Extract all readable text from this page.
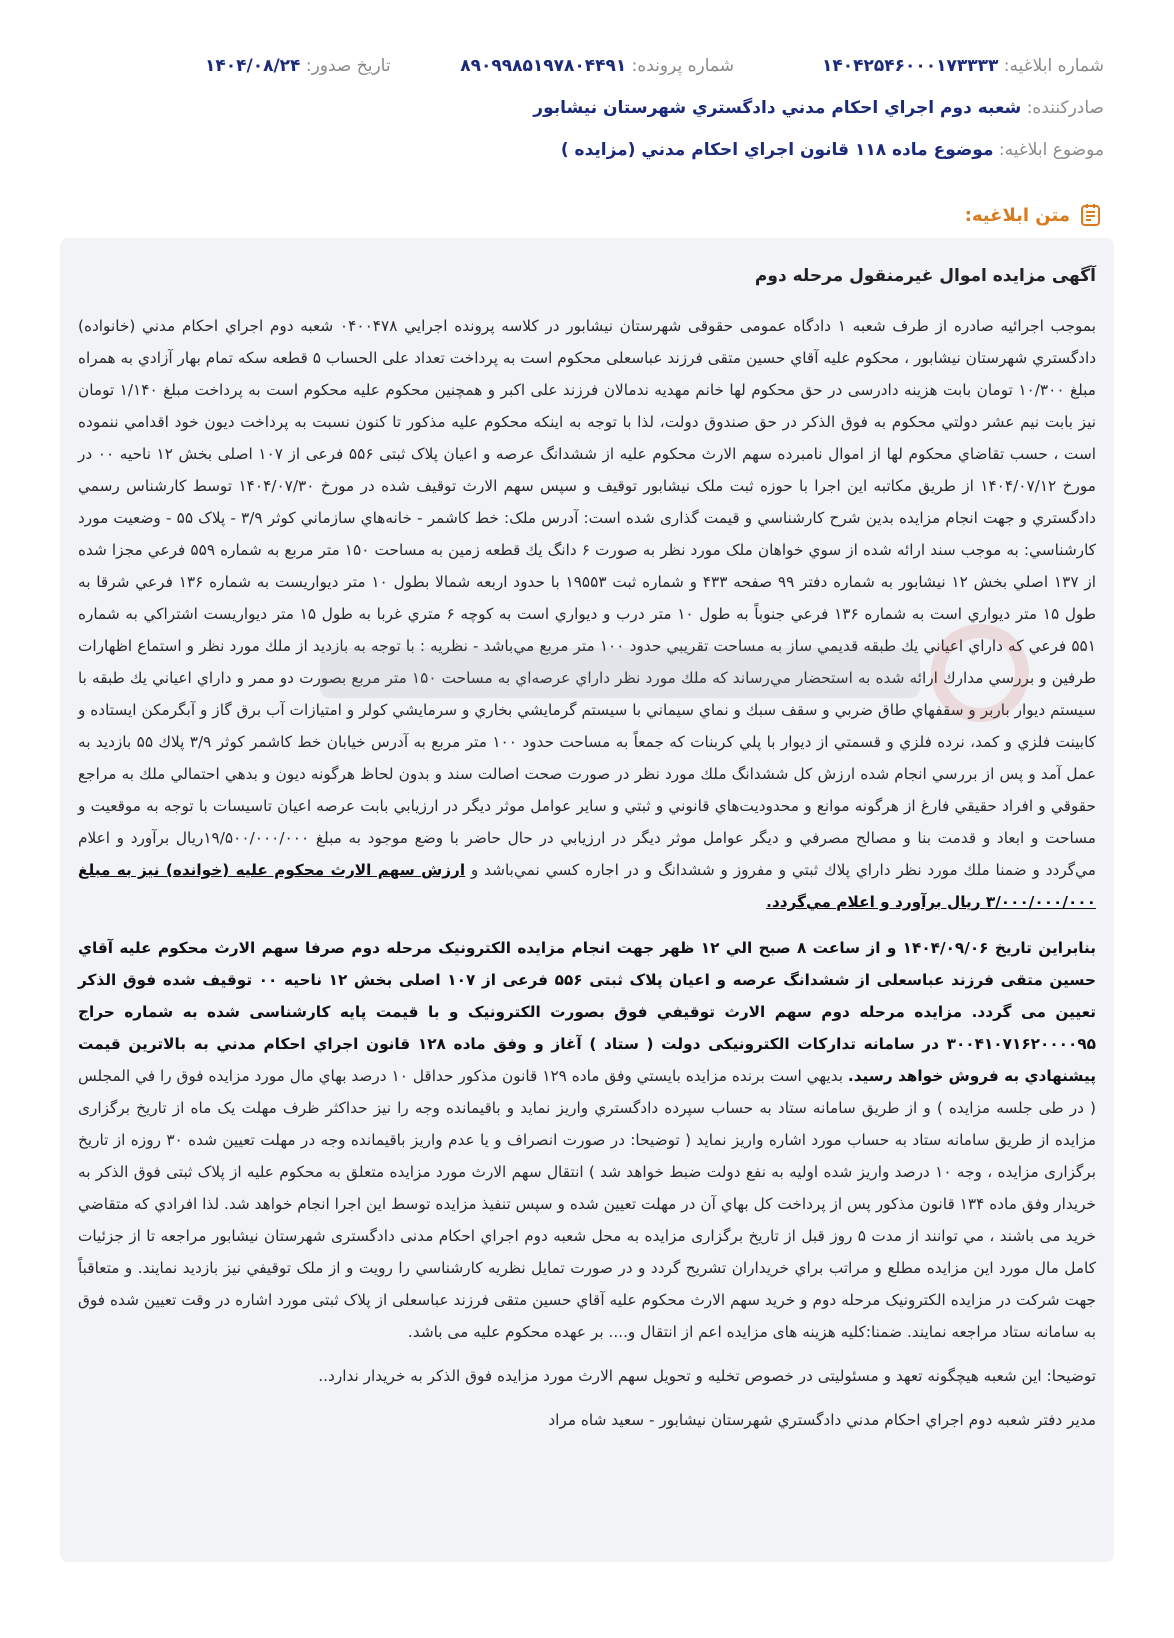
شماره ابلاغيه: ۱۴۰۴۲۵۴۶۰۰۰۱۷۳۳۳۳
شماره پرونده: ۸۹۰۹۹۸۵۱۹۷۸۰۴۴۹۱
تاريخ صدور: ۱۴۰۴/۰۸/۲۴
صادرکننده: شعبه دوم اجراي احکام مدني دادگستري شهرستان نيشابور
موضوع ابلاغيه: موضوع ماده ۱۱۸ قانون اجراي احکام مدني (مزايده )
متن ابلاغيه:
آگهی مزایده اموال غیرمنقول مرحله دوم

بموجب اجرائيه صادره از طرف شعبه ۱ دادگاه عمومی حقوقی شهرستان نيشابور در کلاسه پرونده اجرايي ۰۴۰۰۴۷۸ شعبه دوم اجراي احکام مدني (خانواده) دادگستري شهرستان نيشابور ، محکوم عليه آقاي حسين متقی فرزند عباسعلی محکوم است به پرداخت تعداد علی الحساب ۵ قطعه سکه تمام بهار آزادي به همراه مبلغ ۱۰/۳۰۰ تومان بابت هزينه دادرسی در حق محکوم لها خانم مهديه ندمالان فرزند علی اکبر و همچنين محکوم عليه محکوم است به پرداخت مبلغ ۱/۱۴۰ تومان نيز بابت نيم عشر دولتي محکوم به فوق الذکر در حق صندوق دولت، لذا با توجه به اينکه محکوم عليه مذکور تا کنون نسبت به پرداخت ديون خود اقدامي ننموده است ، حسب تقاضاي محکوم لها از اموال نامبرده سهم الارث محکوم عليه از ششدانگ عرصه و اعيان پلاک ثبتی ۵۵۶ فرعی از ۱۰۷ اصلی بخش ۱۲ ناحيه ۰۰ در مورخ ۱۴۰۴/۰۷/۱۲ از طريق مکاتبه اين اجرا با حوزه ثبت ملک نيشابور توقيف و سپس سهم الارث توقيف شده در مورخ ۱۴۰۴/۰۷/۳۰ توسط کارشناس رسمي دادگستري و جهت انجام مزايده بدين شرح کارشناسي و قيمت گذاری شده است: آدرس ملک: خط کاشمر - خانه‌هاي سازماني کوثر ۳/۹ - پلاک ۵۵ - وضعيت مورد کارشناسي: به موجب سند ارائه شده از سوي خواهان ملک مورد نظر به صورت ۶ دانگ يك قطعه زمين به مساحت ۱۵۰ متر مربع به شماره ۵۵۹ فرعي مجزا شده از ۱۳۷ اصلي بخش ۱۲ نيشابور به شماره دفتر ۹۹ صفحه ۴۳۳ و شماره ثبت ۱۹۵۵۳ با حدود اربعه شمالا بطول ۱۰ متر ديواريست به شماره ۱۳۶ فرعي شرقا به طول ۱۵ متر ديواري است به شماره ۱۳۶ فرعي جنوباً به طول ۱۰ متر درب و ديواري است به کوچه ۶ متري غربا به طول ۱۵ متر ديواريست اشتراکي به شماره ۵۵۱ فرعي که داراي اعياني يك طبقه قديمي ساز به مساحت تقريبي حدود ۱۰۰ متر مربع مي‌باشد - نظريه : با توجه به بازديد از ملك مورد نظر و استماع اظهارات طرفين و بررسي مدارك ارائه شده به استحضار مي‌رساند كه ملك مورد نظر داراي عرصه‌اي به مساحت ۱۵۰ متر مربع بصورت دو ممر و داراي اعياني يك طبقه با سيستم ديوار باربر و سقفهاي طاق ضربي و سقف سبك و نماي سيماني با سيستم گرمايشي بخاري و سرمايشي كولر و امتيازات آب برق گاز و آبگرمكن ايستاده و كابينت فلزي و كمد، نرده فلزي و قسمتي از ديوار با پلي كربنات كه جمعاً به مساحت حدود ۱۰۰ متر مربع به آدرس خيابان خط كاشمر كوثر ۳/۹ پلاك ۵۵ بازديد به عمل آمد و پس از بررسي انجام شده ارزش كل ششدانگ ملك مورد نظر در صورت صحت اصالت سند و بدون لحاظ هرگونه ديون و بدهي احتمالي ملك به مراجع حقوقي و افراد حقيقي فارغ از هرگونه موانع و محدوديت‌هاي قانوني و ثبتي و ساير عوامل موثر ديگر در ارزيابي بابت عرصه اعيان تاسيسات با توجه به موقعيت و مساحت و ابعاد و قدمت بنا و مصالح مصرفي و ديگر عوامل موثر ديگر در ارزيابي در حال حاضر با وضع موجود به مبلغ ۱۹/۵۰۰/۰۰۰/۰۰۰ريال برآورد و اعلام مي‌گردد و ضمنا ملك مورد نظر داراي پلاك ثبتي و مفروز و ششدانگ و در اجاره كسي نمي‌باشد و ارزش سهم الارث محکوم علیه (خوانده) نیز به مبلغ ۳/۰۰۰/۰۰۰/۰۰۰ ريال برآورد و اعلام مي‌گردد.

بنابراين تاريخ ۱۴۰۴/۰۹/۰۶ و از ساعت ۸ صبح الي ۱۲ ظهر جهت انجام مزايده الکترونيک مرحله دوم صرفا سهم الارث محکوم عليه آقاي حسين متقی فرزند عباسعلی از ششدانگ عرصه و اعيان پلاک ثبتی ۵۵۶ فرعی از ۱۰۷ اصلی بخش ۱۲ ناحيه ۰۰ توقيف شده فوق الذکر تعيين می گردد. مزايده مرحله دوم سهم الارث توقيفي فوق بصورت الکترونيک و با قيمت پايه کارشناسی شده به شماره حراج ۳۰۰۴۱۰۷۱۶۲۰۰۰۰۹۵ در سامانه تدارکات الکترونيکی دولت ( ستاد ) آغاز و وفق ماده ۱۲۸ قانون اجراي احکام مدني به بالاترين قيمت پيشنهادي به فروش خواهد رسيد. بديهي است برنده مزايده بايستي وفق ماده ۱۲۹ قانون مذکور حداقل ۱۰ درصد بهاي مال مورد مزايده فوق را في المجلس ( در طی جلسه مزايده ) و از طريق سامانه ستاد به حساب سپرده دادگستري واريز نمايد و باقيمانده وجه را نيز حداکثر ظرف مهلت يک ماه از تاريخ برگزاری مزايده از طريق سامانه ستاد به حساب مورد اشاره واريز نمايد ( توضيحا: در صورت انصراف و يا عدم واريز باقيمانده وجه در مهلت تعيين شده ۳۰ روزه از تاريخ برگزاری مزايده ، وجه ۱۰ درصد واريز شده اوليه به نفع دولت ضبط خواهد شد ) انتقال سهم الارث مورد مزايده متعلق به محکوم عليه از پلاک ثبتی فوق الذکر به خريدار وفق ماده ۱۳۴ قانون مذکور پس از پرداخت کل بهاي آن در مهلت تعيين شده و سپس تنفيذ مزايده توسط اين اجرا انجام خواهد شد. لذا افرادي که متقاضي خريد می باشند ، مي توانند از مدت ۵ روز قبل از تاريخ برگزاری مزايده به محل شعبه دوم اجراي احکام مدنی دادگستری شهرستان نيشابور مراجعه تا از جزئيات کامل مال مورد اين مزايده مطلع و مراتب براي خريداران تشريح گردد و در صورت تمايل نظريه کارشناسي را رويت و از ملک توقيفي نيز بازديد نمايند. و متعاقباً جهت شرکت در مزايده الکترونيک مرحله دوم و خريد سهم الارث محکوم عليه آقاي حسين متقی فرزند عباسعلی از پلاک ثبتی مورد اشاره در وقت تعيين شده فوق به سامانه ستاد مراجعه نمايند. ضمنا:کليه هزينه های مزايده اعم از انتقال و.... بر عهده محکوم عليه می باشد.

توضيحا: اين شعبه هيچگونه تعهد و مسئوليتی در خصوص تخليه و تحويل سهم الارث مورد مزايده فوق الذکر به خريدار ندارد..

مدير دفتر شعبه دوم اجراي احکام مدني دادگستري شهرستان نيشابور - سعيد شاه مراد
